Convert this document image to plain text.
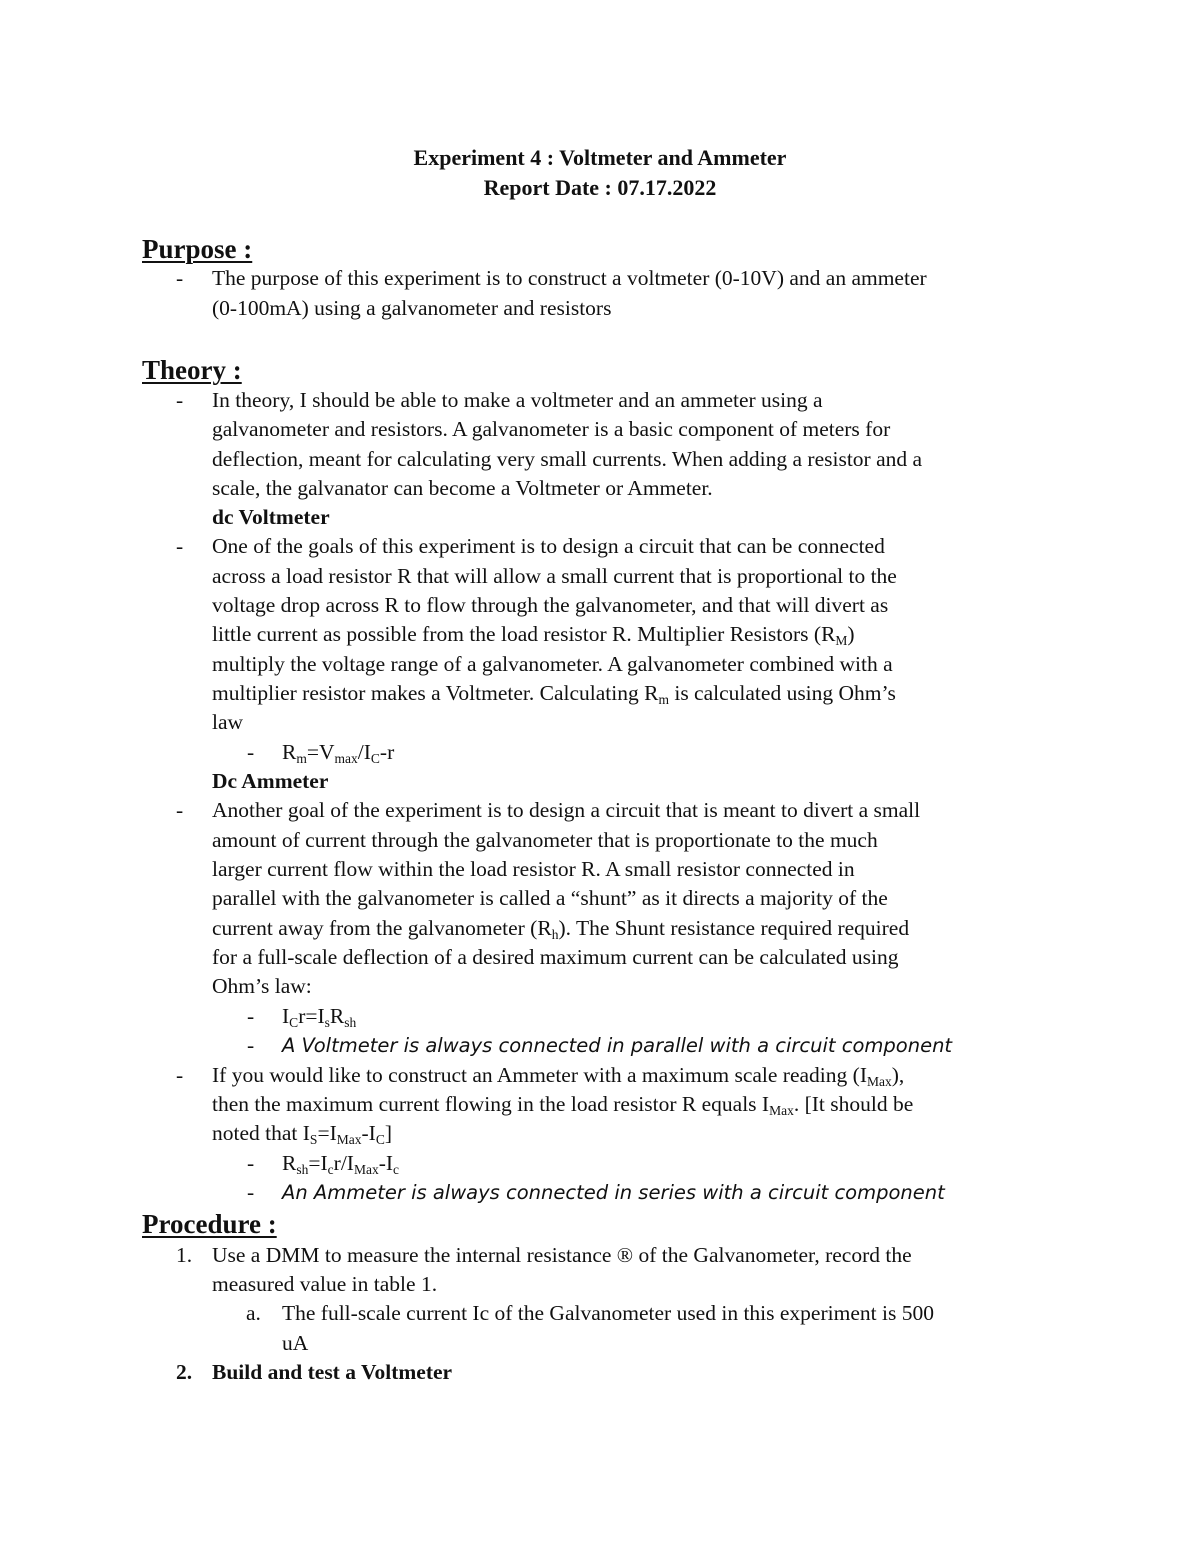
Experiment 4 : Voltmeter and Ammeter
Report Date : 07.17.2022
Purpose :
- The purpose of this experiment is to construct a voltmeter (0-10V) and an ammeter
(0-100mA) using a galvanometer and resistors
Theory :
- In theory, I should be able to make a voltmeter and an ammeter using a
galvanometer and resistors. A galvanometer is a basic component of meters for
deflection, meant for calculating very small currents. When adding a resistor and a
scale, the galvanator can become a Voltmeter or Ammeter.
dc Voltmeter
- One of the goals of this experiment is to design a circuit that can be connected
across a load resistor R that will allow a small current that is proportional to the
voltage drop across R to flow through the galvanometer, and that will divert as
little current as possible from the load resistor R. Multiplier Resistors $(R_M)$
multiply the voltage range of a galvanometer. A galvanometer combined with a
multiplier resistor makes a Voltmeter. Calculating $R_m$ is calculated using Ohm’s
law
- $R_m=V_{max}/I_C-r$
Dc Ammeter
- Another goal of the experiment is to design a circuit that is meant to divert a small
amount of current through the galvanometer that is proportionate to the much
larger current flow within the load resistor R. A small resistor connected in
parallel with the galvanometer is called a “shunt” as it directs a majority of the
current away from the galvanometer $(R_h)$. The Shunt resistance required required
for a full-scale deflection of a desired maximum current can be calculated using
Ohm’s law:
- $I_Cr=I_sR_{sh}$
- A Voltmeter is always connected in parallel with a circuit component
- If you would like to construct an Ammeter with a maximum scale reading $(I_{Max})$,
then the maximum current flowing in the load resistor R equals $I_{Max}$. [It should be
noted that $I_S=I_{Max}-I_C$]
- $R_{sh}=I_cr/I_{Max}-I_c$
- An Ammeter is always connected in series with a circuit component
Procedure :
1. Use a DMM to measure the internal resistance ® of the Galvanometer, record the
measured value in table 1.
a. The full-scale current Ic of the Galvanometer used in this experiment is 500
uA
2. Build and test a Voltmeter
